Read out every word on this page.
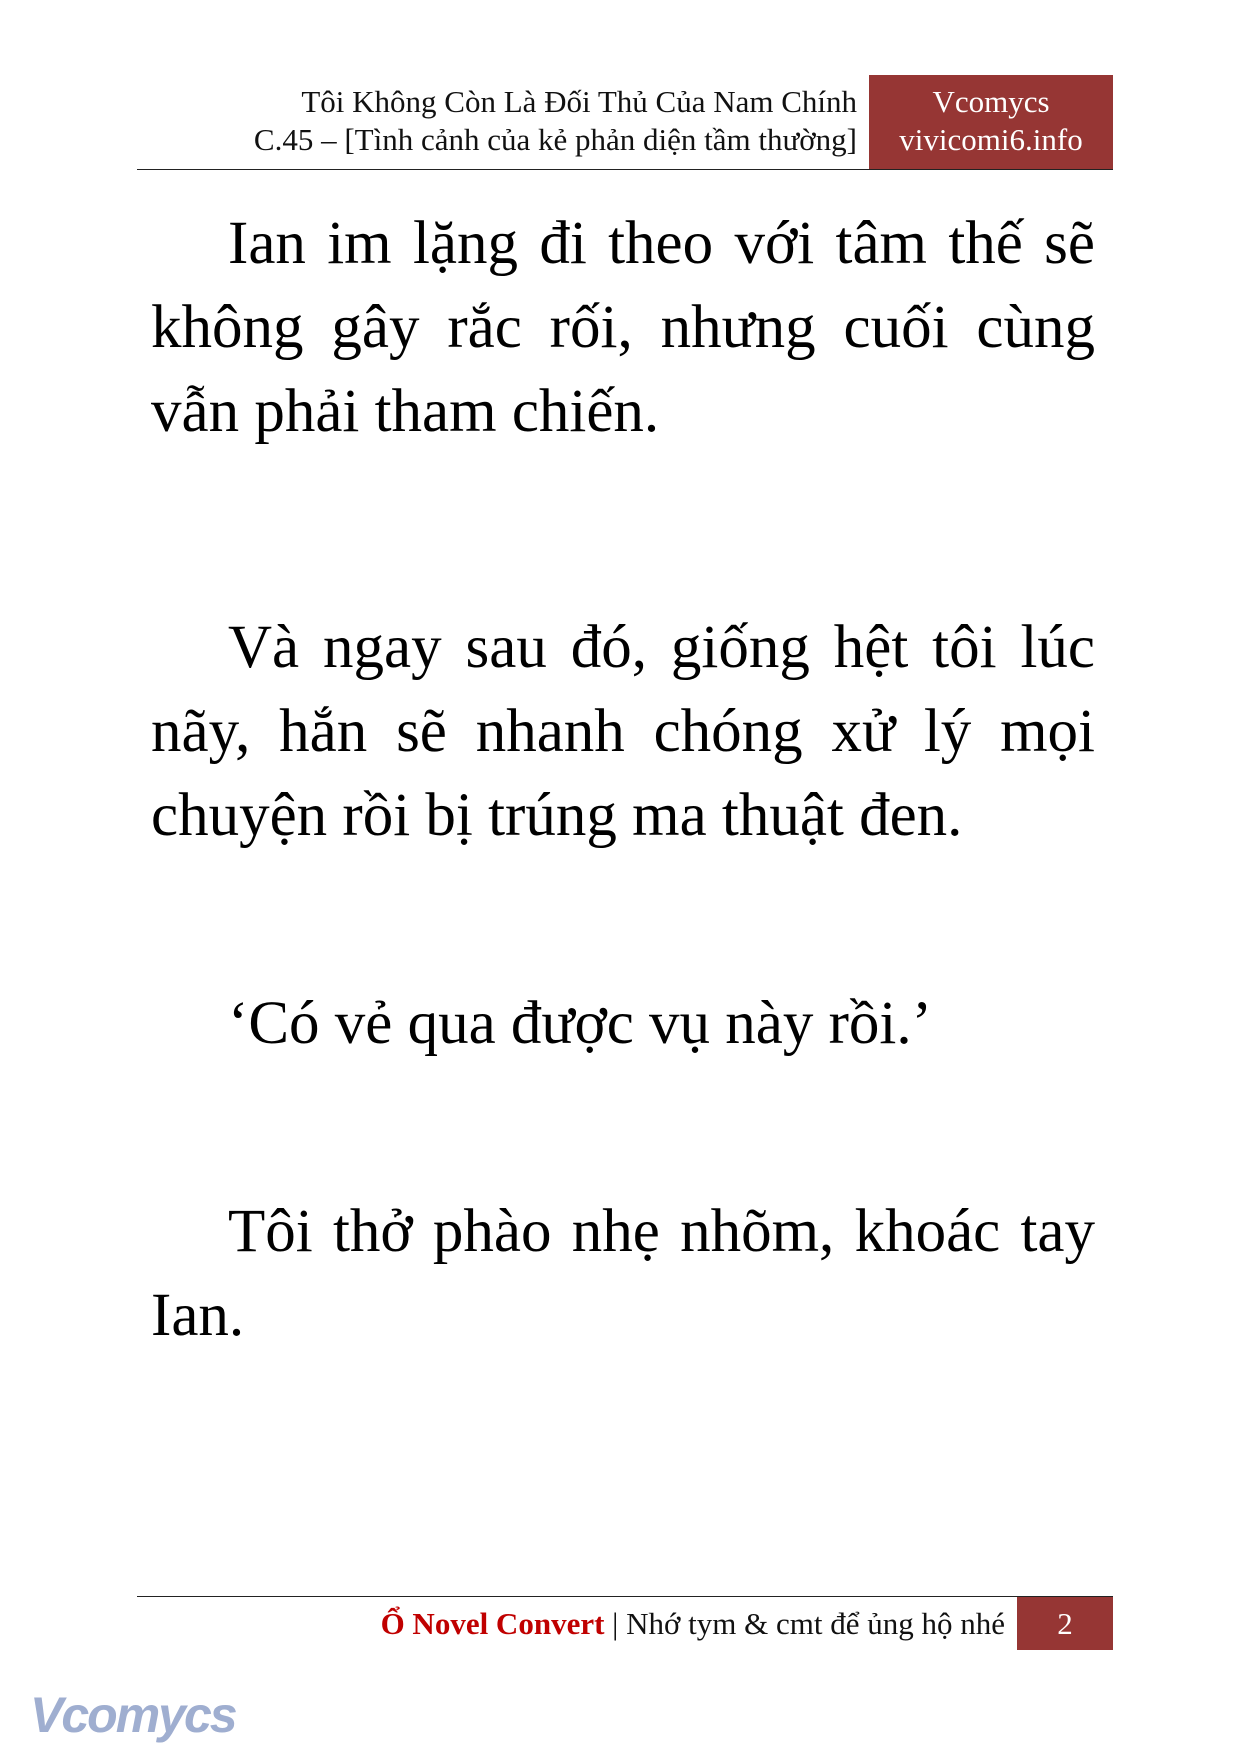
Tôi Không Còn Là Đối Thủ Của Nam Chính
C.45 – [Tình cảnh của kẻ phản diện tầm thường]
Vcomycs
vivicomi6.info

Ian im lặng đi theo với tâm thế sẽ không gây rắc rối, nhưng cuối cùng vẫn phải tham chiến.

Và ngay sau đó, giống hệt tôi lúc nãy, hắn sẽ nhanh chóng xử lý mọi chuyện rồi bị trúng ma thuật đen.

‘Có vẻ qua được vụ này rồi.’

Tôi thở phào nhẹ nhõm, khoác tay Ian.

Ổ Novel Convert | Nhớ tym & cmt để ủng hộ nhé	2
Vcomycs
